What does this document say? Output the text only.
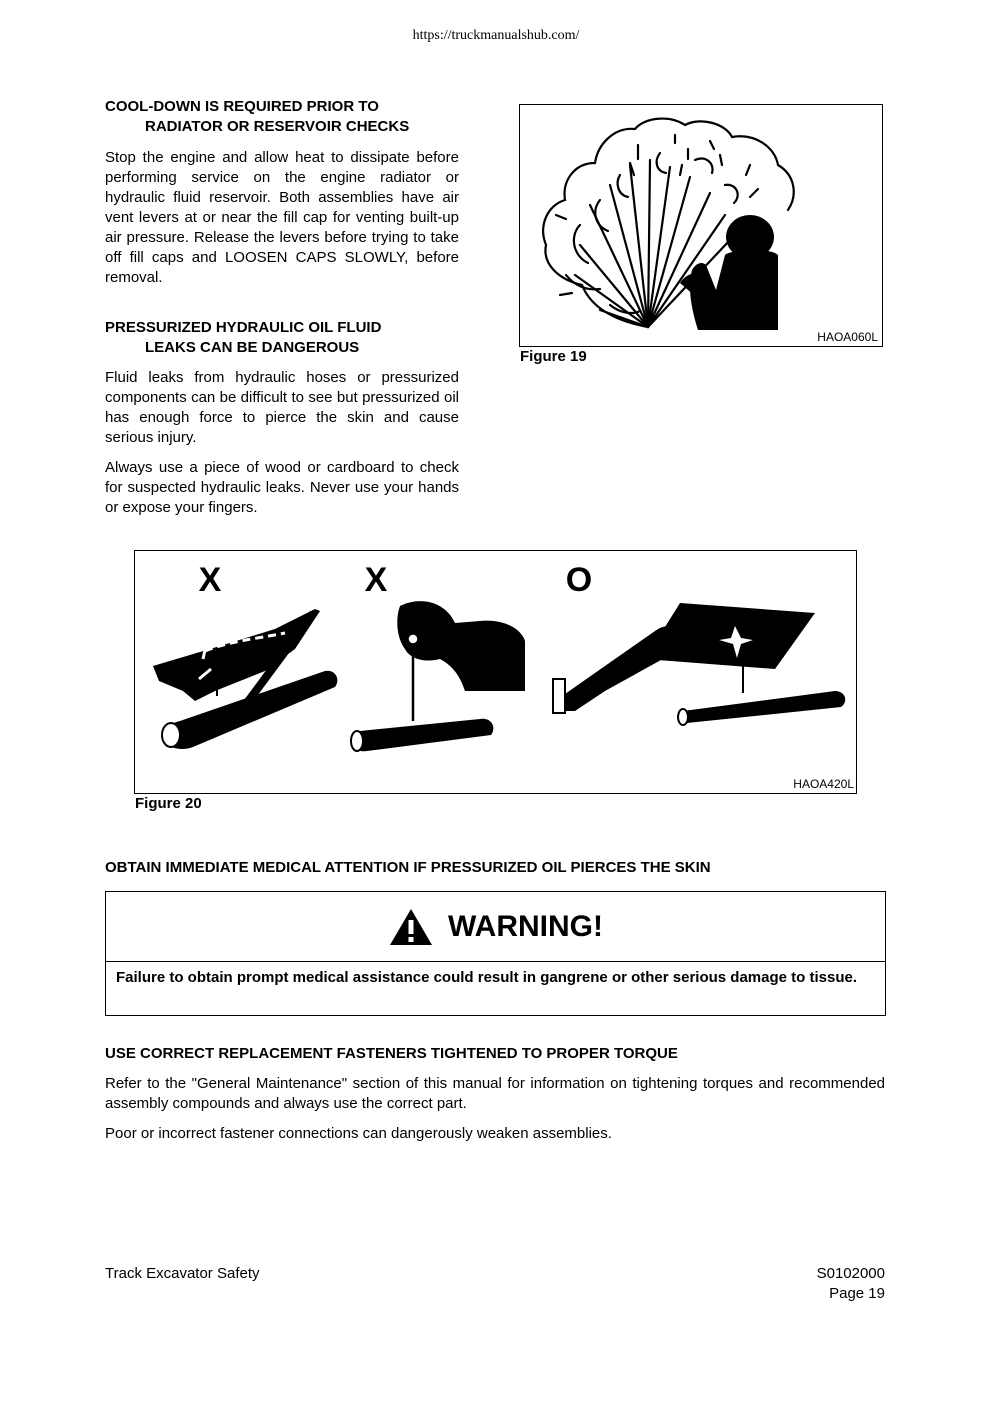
https://truckmanualshub.com/
COOL-DOWN IS REQUIRED PRIOR TO
RADIATOR OR RESERVOIR CHECKS

Stop the engine and allow heat to dissipate before performing service on the engine radiator or hydraulic fluid reservoir. Both assemblies have air vent levers at or near the fill cap for venting built-up air pressure. Release the levers before trying to take off fill caps and LOOSEN CAPS SLOWLY, before removal.

PRESSURIZED HYDRAULIC OIL FLUID
LEAKS CAN BE DANGEROUS

Fluid leaks from hydraulic hoses or pressurized components can be difficult to see but pressurized oil has enough force to pierce the skin and cause serious injury.

Always use a piece of wood or cardboard to check for suspected hydraulic leaks. Never use your hands or expose your fingers.

HAOA060L
Figure 19
X	X	O
HAOA420L
Figure 20
OBTAIN IMMEDIATE MEDICAL ATTENTION IF PRESSURIZED OIL PIERCES THE SKIN
WARNING!
Failure to obtain prompt medical assistance could result in gangrene or other serious damage to tissue.
USE CORRECT REPLACEMENT FASTENERS TIGHTENED TO PROPER TORQUE

Refer to the "General Maintenance" section of this manual for information on tightening torques and recommended assembly compounds and always use the correct part.

Poor or incorrect fastener connections can dangerously weaken assemblies.

Track Excavator Safety	S0102000
Page 19
